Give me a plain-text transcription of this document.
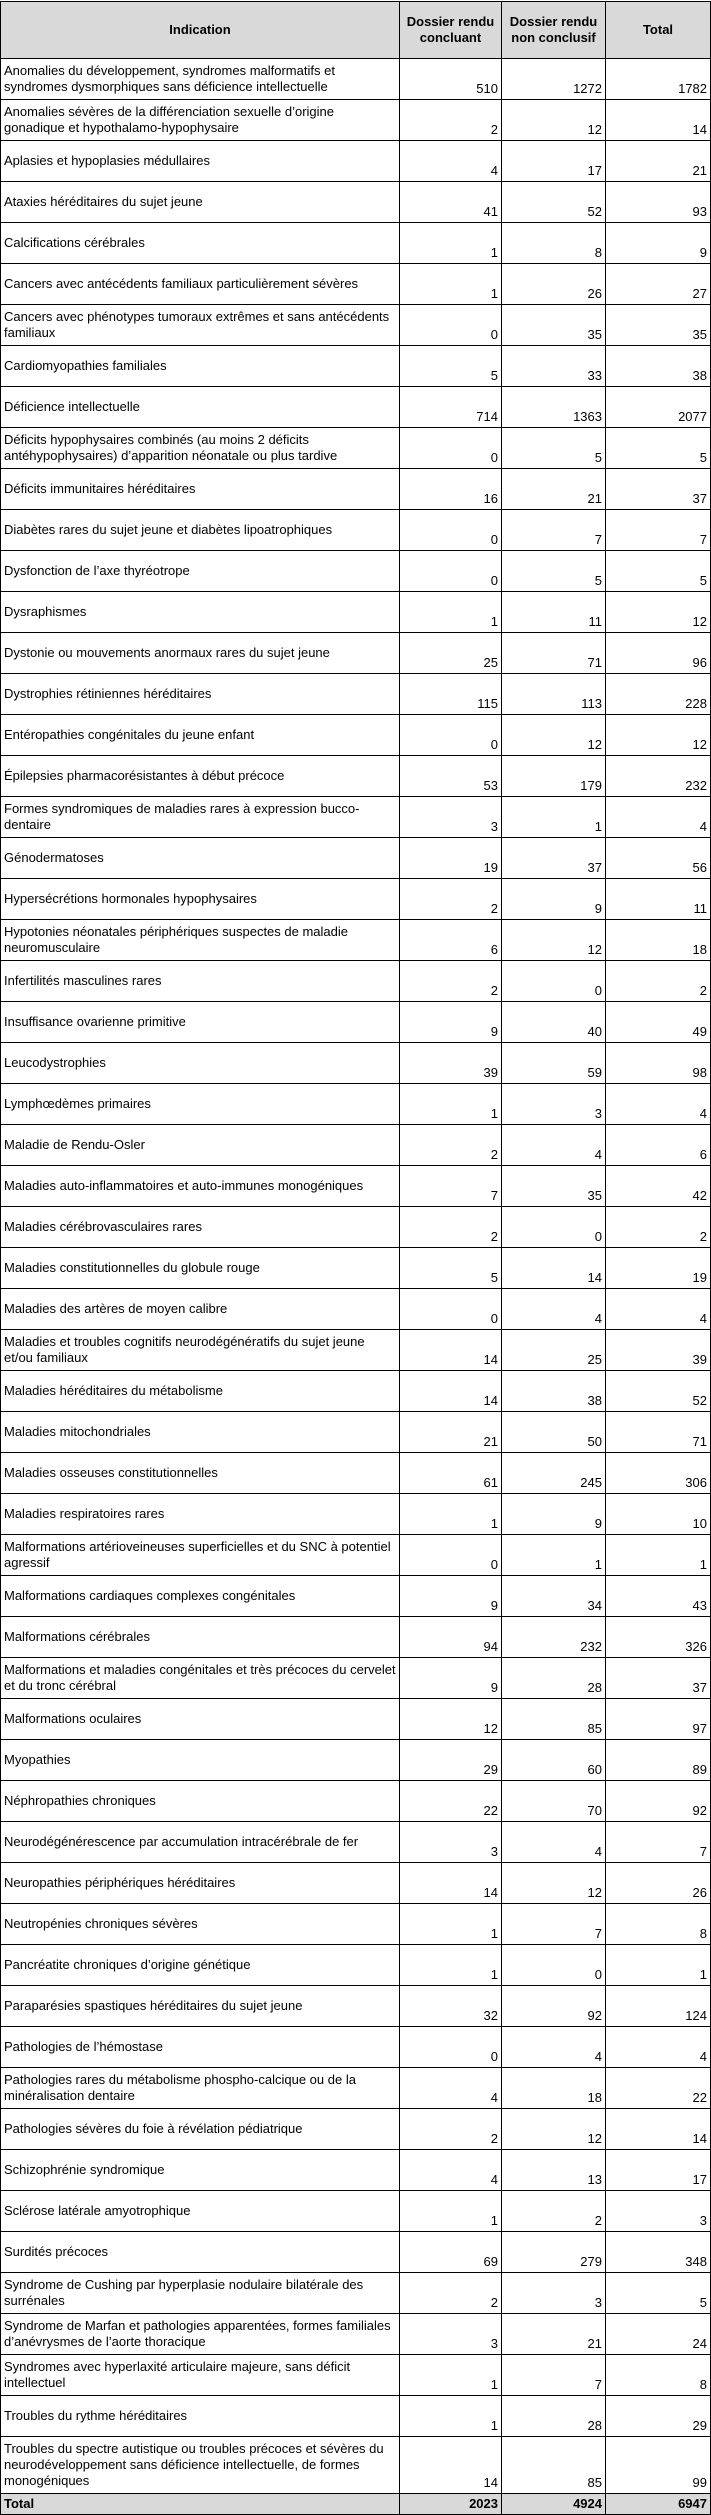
Indication	Dossier rendu concluant	Dossier rendu non conclusif	Total
Anomalies du développement, syndromes malformatifs et syndromes dysmorphiques sans déficience intellectuelle	510	1272	1782
Anomalies sévères de la différenciation sexuelle d’origine gonadique et hypothalamo-hypophysaire	2	12	14
Aplasies et hypoplasies médullaires	4	17	21
Ataxies héréditaires du sujet jeune	41	52	93
Calcifications cérébrales	1	8	9
Cancers avec antécédents familiaux particulièrement sévères	1	26	27
Cancers avec phénotypes tumoraux extrêmes et sans antécédents familiaux	0	35	35
Cardiomyopathies familiales	5	33	38
Déficience intellectuelle	714	1363	2077
Déficits hypophysaires combinés (au moins 2 déficits antéhypophysaires) d’apparition néonatale ou plus tardive	0	5	5
Déficits immunitaires héréditaires	16	21	37
Diabètes rares du sujet jeune et diabètes lipoatrophiques	0	7	7
Dysfonction de l’axe thyréotrope	0	5	5
Dysraphismes	1	11	12
Dystonie ou mouvements anormaux rares du sujet jeune	25	71	96
Dystrophies rétiniennes héréditaires	115	113	228
Entéropathies congénitales du jeune enfant	0	12	12
Épilepsies pharmacorésistantes à début précoce	53	179	232
Formes syndromiques de maladies rares à expression bucco-dentaire	3	1	4
Génodermatoses	19	37	56
Hypersécrétions hormonales hypophysaires	2	9	11
Hypotonies néonatales périphériques suspectes de maladie neuromusculaire	6	12	18
Infertilités masculines rares	2	0	2
Insuffisance ovarienne primitive	9	40	49
Leucodystrophies	39	59	98
Lymphœdèmes primaires	1	3	4
Maladie de Rendu-Osler	2	4	6
Maladies auto-inflammatoires et auto-immunes monogéniques	7	35	42
Maladies cérébrovasculaires rares	2	0	2
Maladies constitutionnelles du globule rouge	5	14	19
Maladies des artères de moyen calibre	0	4	4
Maladies et troubles cognitifs neurodégénératifs du sujet jeune et/ou familiaux	14	25	39
Maladies héréditaires du métabolisme	14	38	52
Maladies mitochondriales	21	50	71
Maladies osseuses constitutionnelles	61	245	306
Maladies respiratoires rares	1	9	10
Malformations artérioveineuses superficielles et du SNC à potentiel agressif	0	1	1
Malformations cardiaques complexes congénitales	9	34	43
Malformations cérébrales	94	232	326
Malformations et maladies congénitales et très précoces du cervelet et du tronc cérébral	9	28	37
Malformations oculaires	12	85	97
Myopathies	29	60	89
Néphropathies chroniques	22	70	92
Neurodégénérescence par accumulation intracérébrale de fer	3	4	7
Neuropathies périphériques héréditaires	14	12	26
Neutropénies chroniques sévères	1	7	8
Pancréatite chroniques d’origine génétique	1	0	1
Paraparésies spastiques héréditaires du sujet jeune	32	92	124
Pathologies de l’hémostase	0	4	4
Pathologies rares du métabolisme phospho-calcique ou de la minéralisation dentaire	4	18	22
Pathologies sévères du foie à révélation pédiatrique	2	12	14
Schizophrénie syndromique	4	13	17
Sclérose latérale amyotrophique	1	2	3
Surdités précoces	69	279	348
Syndrome de Cushing par hyperplasie nodulaire bilatérale des surrénales	2	3	5
Syndrome de Marfan et pathologies apparentées, formes familiales d’anévrysmes de l’aorte thoracique	3	21	24
Syndromes avec hyperlaxité articulaire majeure, sans déficit intellectuel	1	7	8
Troubles du rythme héréditaires	1	28	29
Troubles du spectre autistique ou troubles précoces et sévères du neurodéveloppement sans déficience intellectuelle, de formes monogéniques	14	85	99
Total	2023	4924	6947
